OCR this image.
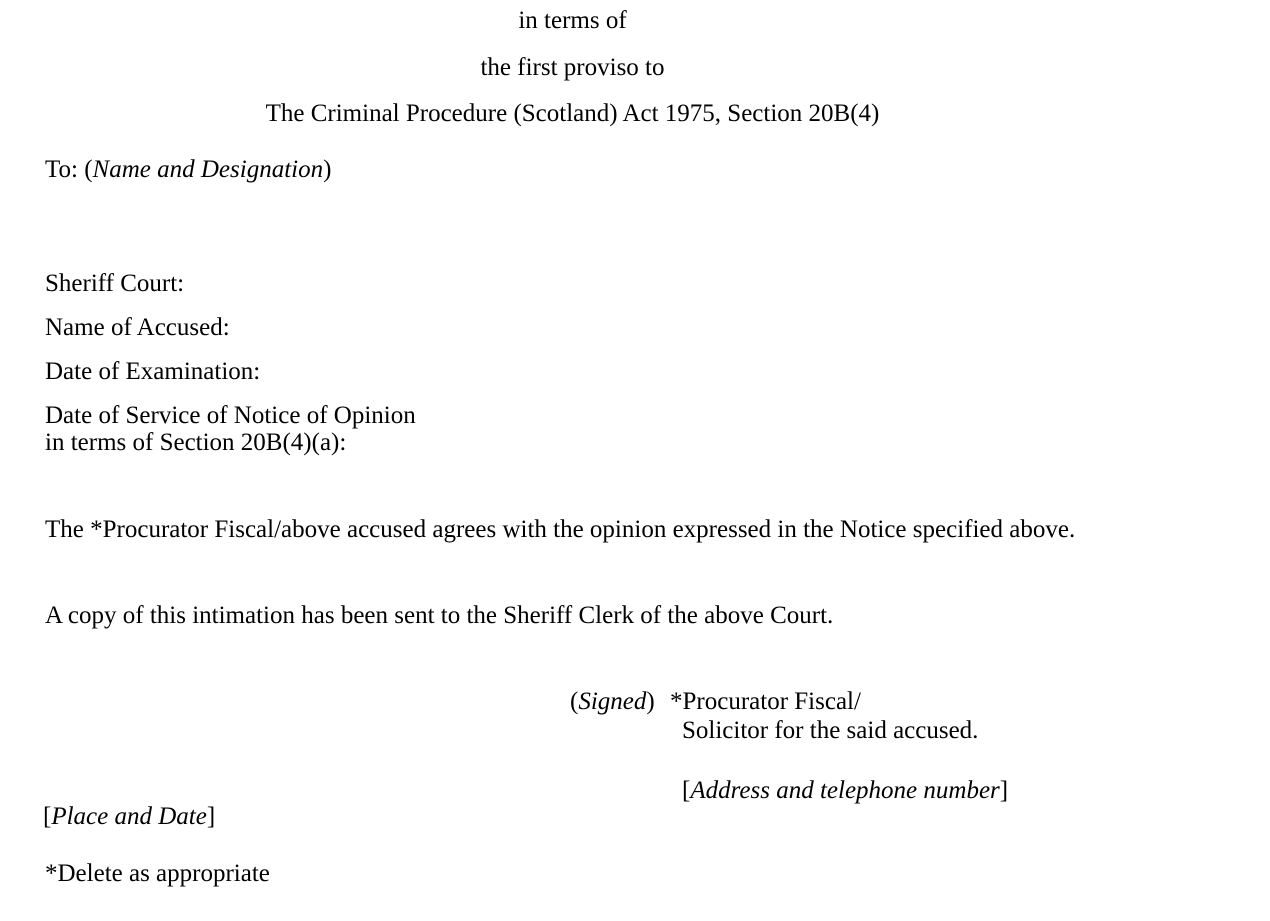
in terms of
the first proviso to
The Criminal Procedure (Scotland) Act 1975, Section 20B(4)
To: (Name and Designation)
Sheriff Court:
Name of Accused:
Date of Examination:
Date of Service of Notice of Opinion
in terms of Section 20B(4)(a):
The *Procurator Fiscal/above accused agrees with the opinion expressed in the Notice specified above.
A copy of this intimation has been sent to the Sheriff Clerk of the above Court.
(Signed) *Procurator Fiscal/
Solicitor for the said accused.
[Address and telephone number]
[Place and Date]
*Delete as appropriate
